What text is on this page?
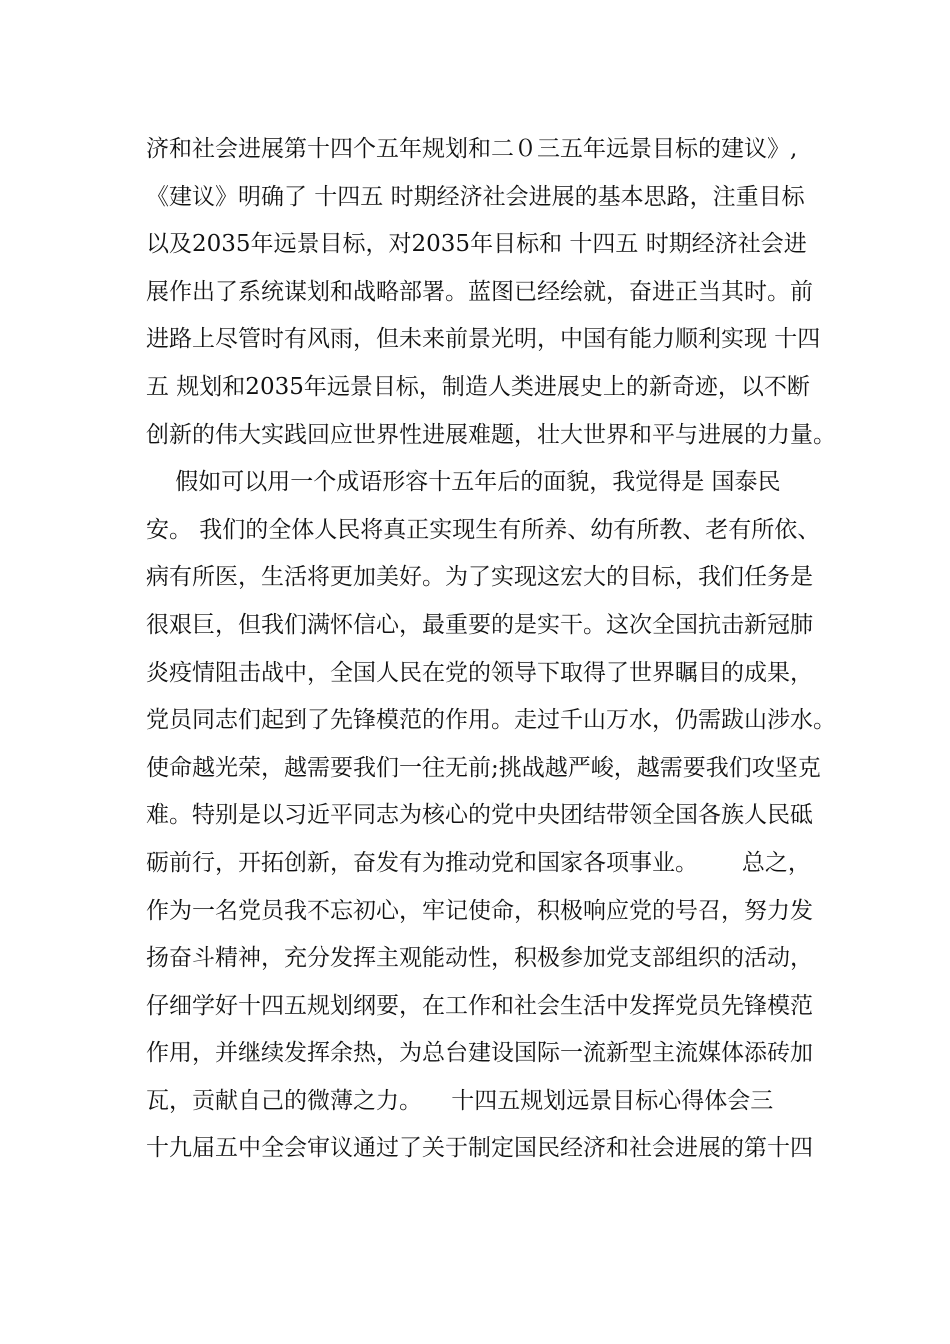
济和社会进展第十四个五年规划和二０三五年远景目标的建议》,
《建议》明确了 十四五 时期经济社会进展的基本思路，注重目标
以及2035年远景目标，对2035年目标和 十四五 时期经济社会进
展作出了系统谋划和战略部署。蓝图已经绘就，奋进正当其时。前
进路上尽管时有风雨，但未来前景光明，中国有能力顺利实现 十四
五 规划和2035年远景目标，制造人类进展史上的新奇迹，以不断
创新的伟大实践回应世界性进展难题，壮大世界和平与进展的力量。
假如可以用一个成语形容十五年后的面貌，我觉得是 国泰民
安。 我们的全体人民将真正实现生有所养、幼有所教、老有所依、
病有所医，生活将更加美好。为了实现这宏大的目标，我们任务是
很艰巨，但我们满怀信心，最重要的是实干。这次全国抗击新冠肺
炎疫情阻击战中，全国人民在党的领导下取得了世界瞩目的成果，
党员同志们起到了先锋模范的作用。走过千山万水，仍需跋山涉水。
使命越光荣，越需要我们一往无前;挑战越严峻，越需要我们攻坚克
难。特别是以习近平同志为核心的党中央团结带领全国各族人民砥
砺前行，开拓创新，奋发有为推动党和国家各项事业。      总之，
作为一名党员我不忘初心，牢记使命，积极响应党的号召，努力发
扬奋斗精神，充分发挥主观能动性，积极参加党支部组织的活动，
仔细学好十四五规划纲要，在工作和社会生活中发挥党员先锋模范
作用，并继续发挥余热，为总台建设国际一流新型主流媒体添砖加
瓦，贡献自己的微薄之力。    十四五规划远景目标心得体会三
十九届五中全会审议通过了关于制定国民经济和社会进展的第十四
